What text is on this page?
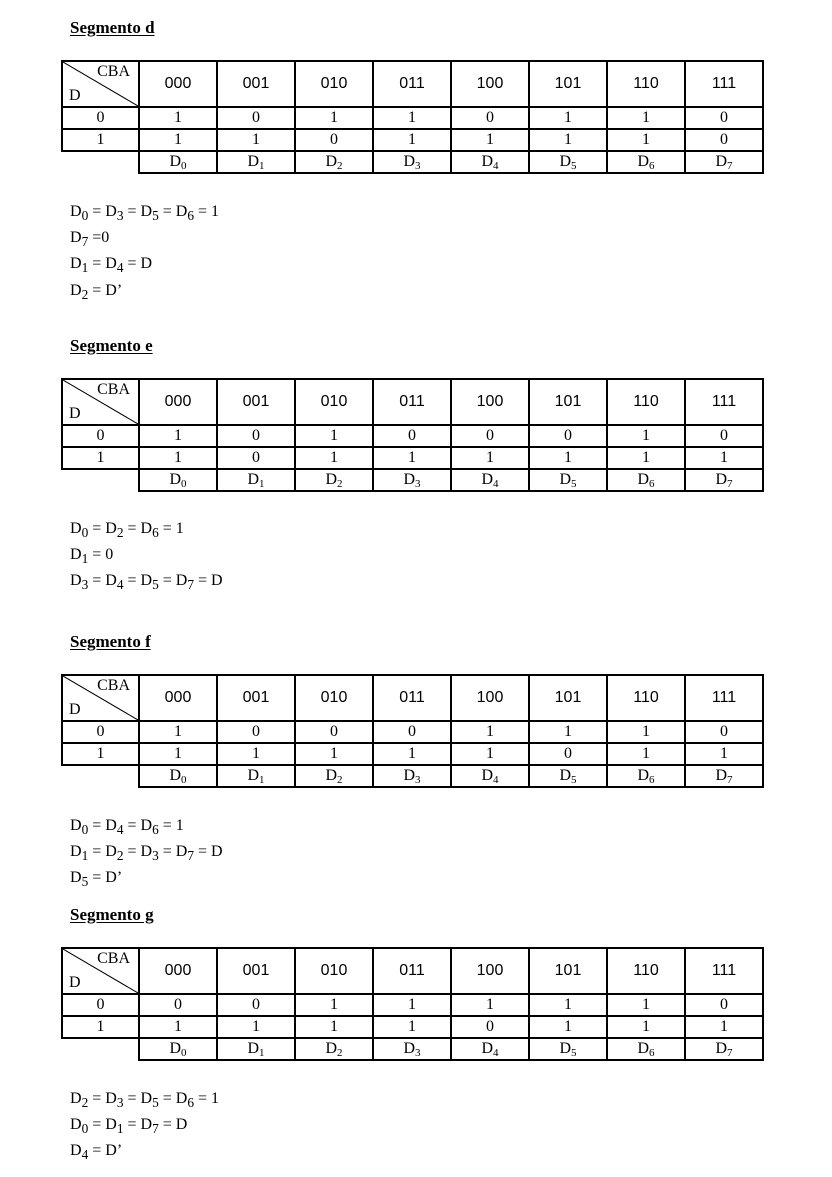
Segmento d
CBA
D	000	001	010	011	100	101	110	111
0	1	0	1	1	0	1	1	0
1	1	1	0	1	1	1	1	0
	$D_0$	$D_1$	$D_2$	$D_3$	$D_4$	$D_5$	$D_6$	$D_7$
$D_0 = D_3 = D_5 = D_6 = 1$
$D_7 =0$
$D_1 = D_4 = D$
$D_2 = D$’
Segmento e
CBA
D	000	001	010	011	100	101	110	111
0	1	0	1	0	0	0	1	0
1	1	0	1	1	1	1	1	1
	$D_0$	$D_1$	$D_2$	$D_3$	$D_4$	$D_5$	$D_6$	$D_7$
$D_0 = D_2 = D_6 = 1$
$D_1 = 0$
$D_3 = D_4 = D_5 = D_7 = D$
Segmento f
CBA
D	000	001	010	011	100	101	110	111
0	1	0	0	0	1	1	1	0
1	1	1	1	1	1	0	1	1
	$D_0$	$D_1$	$D_2$	$D_3$	$D_4$	$D_5$	$D_6$	$D_7$
$D_0 = D_4 = D_6 = 1$
$D_1 = D_2 = D_3 = D_7 = D$
$D_5 = D$’
Segmento g
CBA
D	000	001	010	011	100	101	110	111
0	0	0	1	1	1	1	1	0
1	1	1	1	1	0	1	1	1
	$D_0$	$D_1$	$D_2$	$D_3$	$D_4$	$D_5$	$D_6$	$D_7$
$D_2 = D_3 = D_5 = D_6 = 1$
$D_0 = D_1 = D_7 = D$
$D_4 = D$’
